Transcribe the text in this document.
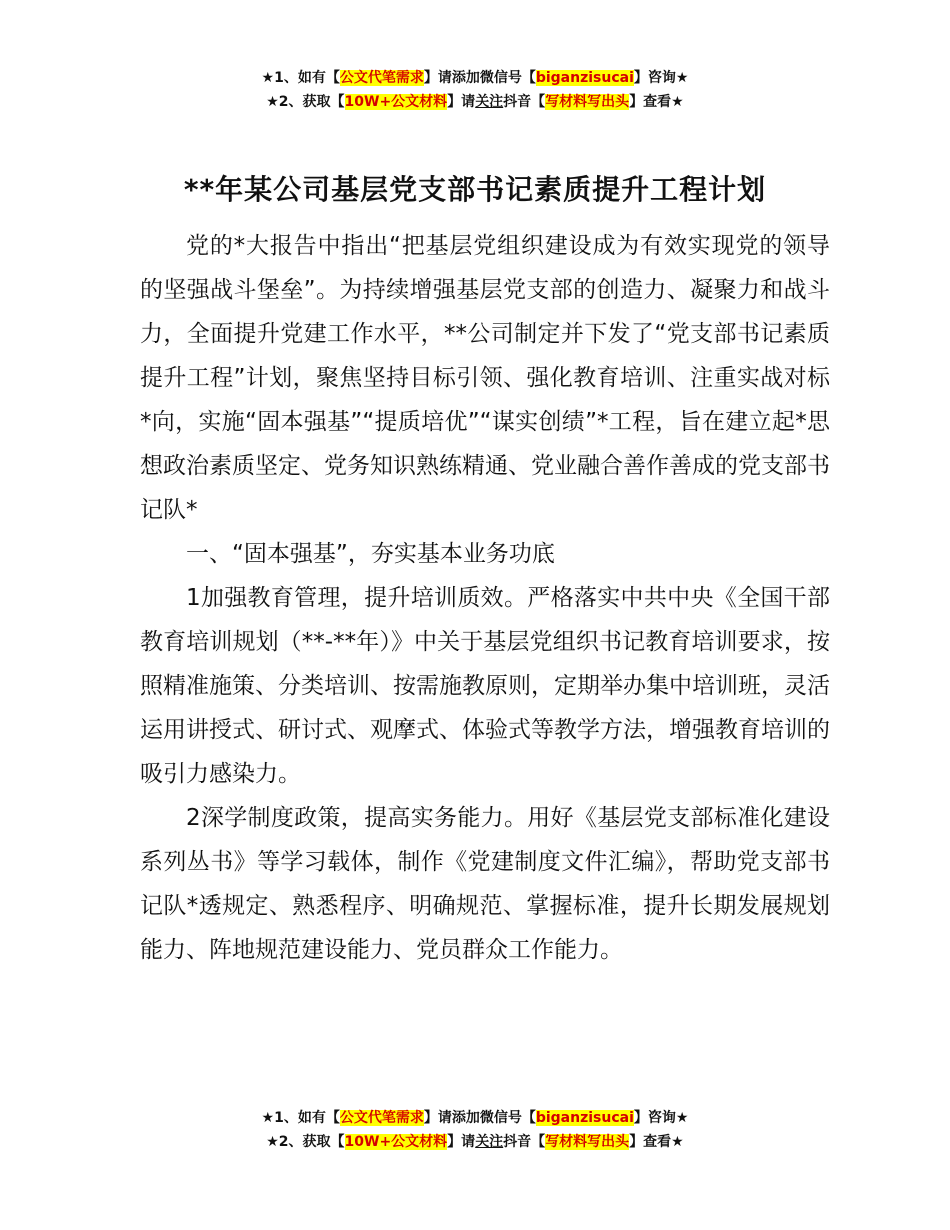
★1、如有【公文代笔需求】请添加微信号【biganzisucai】咨询★
★2、获取【10W+公文材料】请关注抖音【写材料写出头】查看★
**年某公司基层党支部书记素质提升工程计划

党的*大报告中指出“把基层党组织建设成为有效实现党的领导的坚强战斗堡垒”。为持续增强基层党支部的创造力、凝聚力和战斗力，全面提升党建工作水平，**公司制定并下发了“党支部书记素质提升工程”计划，聚焦坚持目标引领、强化教育培训、注重实战对标*向，实施“固本强基”“提质培优”“谋实创绩”*工程，旨在建立起*思想政治素质坚定、党务知识熟练精通、党业融合善作善成的党支部书记队*

一、“固本强基”，夯实基本业务功底

1加强教育管理，提升培训质效。严格落实中共中央《全国干部教育培训规划（**-**年）》中关于基层党组织书记教育培训要求，按照精准施策、分类培训、按需施教原则，定期举办集中培训班，灵活运用讲授式、研讨式、观摩式、体验式等教学方法，增强教育培训的吸引力感染力。

2深学制度政策，提高实务能力。用好《基层党支部标准化建设系列丛书》等学习载体，制作《党建制度文件汇编》，帮助党支部书记队*透规定、熟悉程序、明确规范、掌握标准，提升长期发展规划能力、阵地规范建设能力、党员群众工作能力。

★1、如有【公文代笔需求】请添加微信号【biganzisucai】咨询★
★2、获取【10W+公文材料】请关注抖音【写材料写出头】查看★
